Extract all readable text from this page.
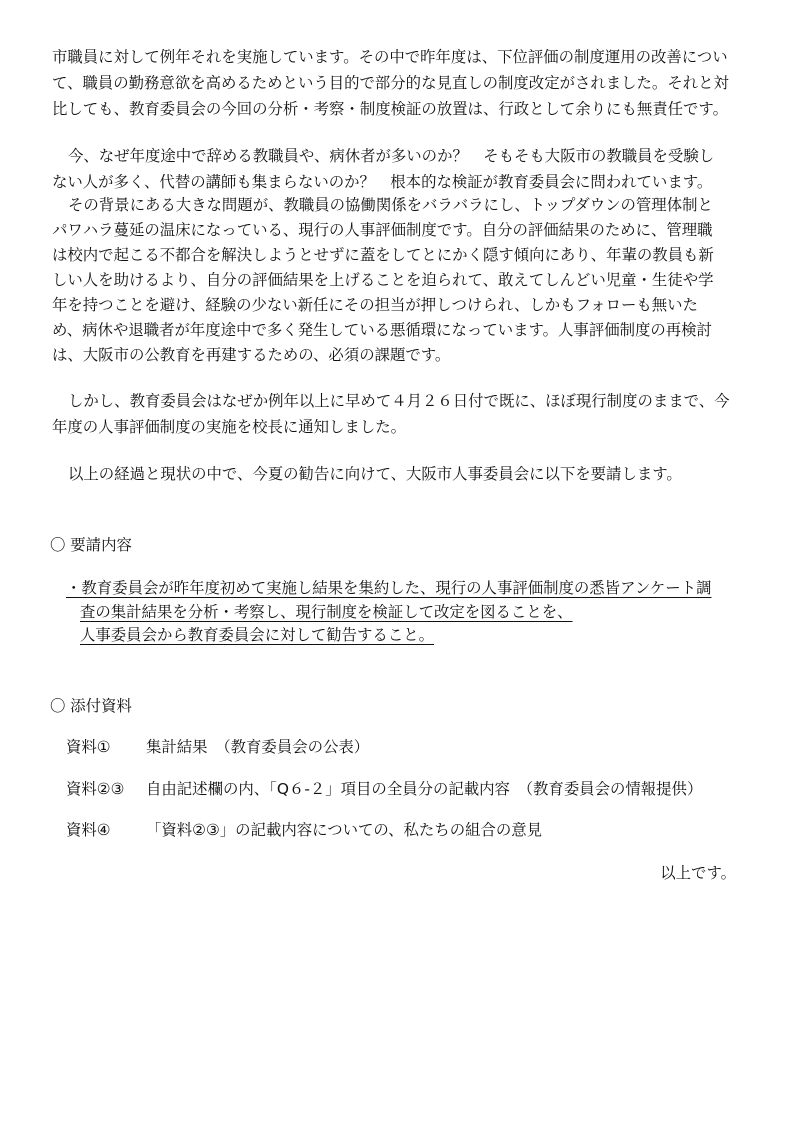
市職員に対して例年それを実施しています。その中で昨年度は、下位評価の制度運用の改善につい
て、職員の勤務意欲を高めるためという目的で部分的な見直しの制度改定がされました。それと対
比しても、教育委員会の今回の分析・考察・制度検証の放置は、行政として余りにも無責任です。
今、なぜ年度途中で辞める教職員や、病休者が多いのか？　そもそも大阪市の教職員を受験し
ない人が多く、代替の講師も集まらないのか？　根本的な検証が教育委員会に問われています。
その背景にある大きな問題が、教職員の協働関係をバラバラにし、トップダウンの管理体制と
パワハラ蔓延の温床になっている、現行の人事評価制度です。自分の評価結果のために、管理職
は校内で起こる不都合を解決しようとせずに蓋をしてとにかく隠す傾向にあり、年輩の教員も新
しい人を助けるより、自分の評価結果を上げることを迫られて、敢えてしんどい児童・生徒や学
年を持つことを避け、経験の少ない新任にその担当が押しつけられ、しかもフォローも無いた
め、病休や退職者が年度途中で多く発生している悪循環になっています。人事評価制度の再検討
は、大阪市の公教育を再建するための、必須の課題です。
しかし、教育委員会はなぜか例年以上に早めて４月２６日付で既に、ほぼ現行制度のままで、今
年度の人事評価制度の実施を校長に通知しました。
以上の経過と現状の中で、今夏の勧告に向けて、大阪市人事委員会に以下を要請します。
〇 要請内容
・教育委員会が昨年度初めて実施し結果を集約した、現行の人事評価制度の悉皆アンケート調
査の集計結果を分析・考察し、現行制度を検証して改定を図ることを、
人事委員会から教育委員会に対して勧告すること。
〇 添付資料
資料① 集計結果　（教育委員会の公表）
資料②③ 自由記述欄の内、「Q６-２」項目の全員分の記載内容　（教育委員会の情報提供）
資料④ 「資料②③」の記載内容についての、私たちの組合の意見
以上です。
